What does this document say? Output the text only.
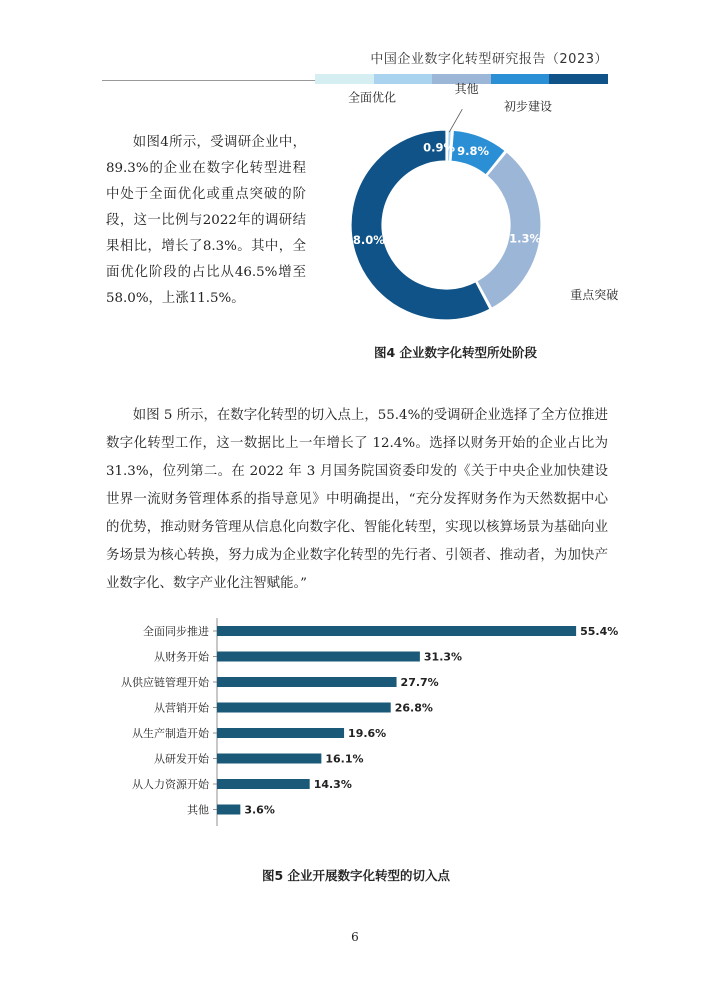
中国企业数字化转型研究报告（2023）

如图4所示，受调研企业中，89.3%的企业在数字化转型进程中处于全面优化或重点突破的阶段，这一比例与2022年的调研结果相比，增长了8.3%。其中，全面优化阶段的占比从46.5%增至58.0%，上涨11.5%。

0.9%
其他
9.8%
初步建设
31.3%
重点突破
58.0%
全面优化
图4 企业数字化转型所处阶段

如图 5 所示，在数字化转型的切入点上，55.4%的受调研企业选择了全方位推进数字化转型工作，这一数据比上一年增长了 12.4%。选择以财务开始的企业占比为 31.3%，位列第二。在 2022 年 3 月国务院国资委印发的《关于中央企业加快建设世界一流财务管理体系的指导意见》中明确提出，“充分发挥财务作为天然数据中心的优势，推动财务管理从信息化向数字化、智能化转型，实现以核算场景为基础向业务场景为核心转换，努力成为企业数字化转型的先行者、引领者、推动者，为加快产业数字化、数字产业化注智赋能。”

全面同步推进	55.4%
从财务开始	31.3%
从供应链管理开始	27.7%
从营销开始	26.8%
从生产制造开始	19.6%
从研发开始	16.1%
从人力资源开始	14.3%
其他	3.6%
图5 企业开展数字化转型的切入点
6
